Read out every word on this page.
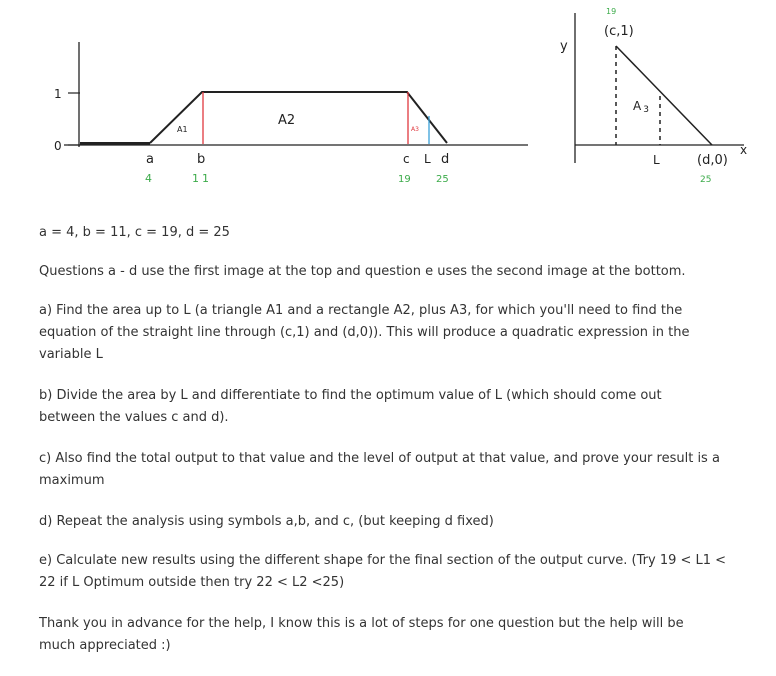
1
0
A1
A2
A3
a	b	c L d
4	11	19	25
y
x
(c,1)
19
A 3
L	(d,0)
25

a = 4, b = 11, c = 19, d = 25

Questions a - d use the first image at the top and question e uses the second image at the bottom.

a) Find the area up to L (a triangle A1 and a rectangle A2, plus A3, for which you'll need to find the

equation of the straight line through (c,1) and (d,0)). This will produce a quadratic expression in the

variable L

b) Divide the area by L and differentiate to find the optimum value of L (which should come out

between the values c and d).

c) Also find the total output to that value and the level of output at that value, and prove your result is a

maximum

d) Repeat the analysis using symbols a,b, and c, (but keeping d fixed)

e) Calculate new results using the different shape for the final section of the output curve. (Try 19 < L1 <

22 if L Optimum outside then try 22 < L2 <25)

Thank you in advance for the help, I know this is a lot of steps for one question but the help will be

much appreciated :)
